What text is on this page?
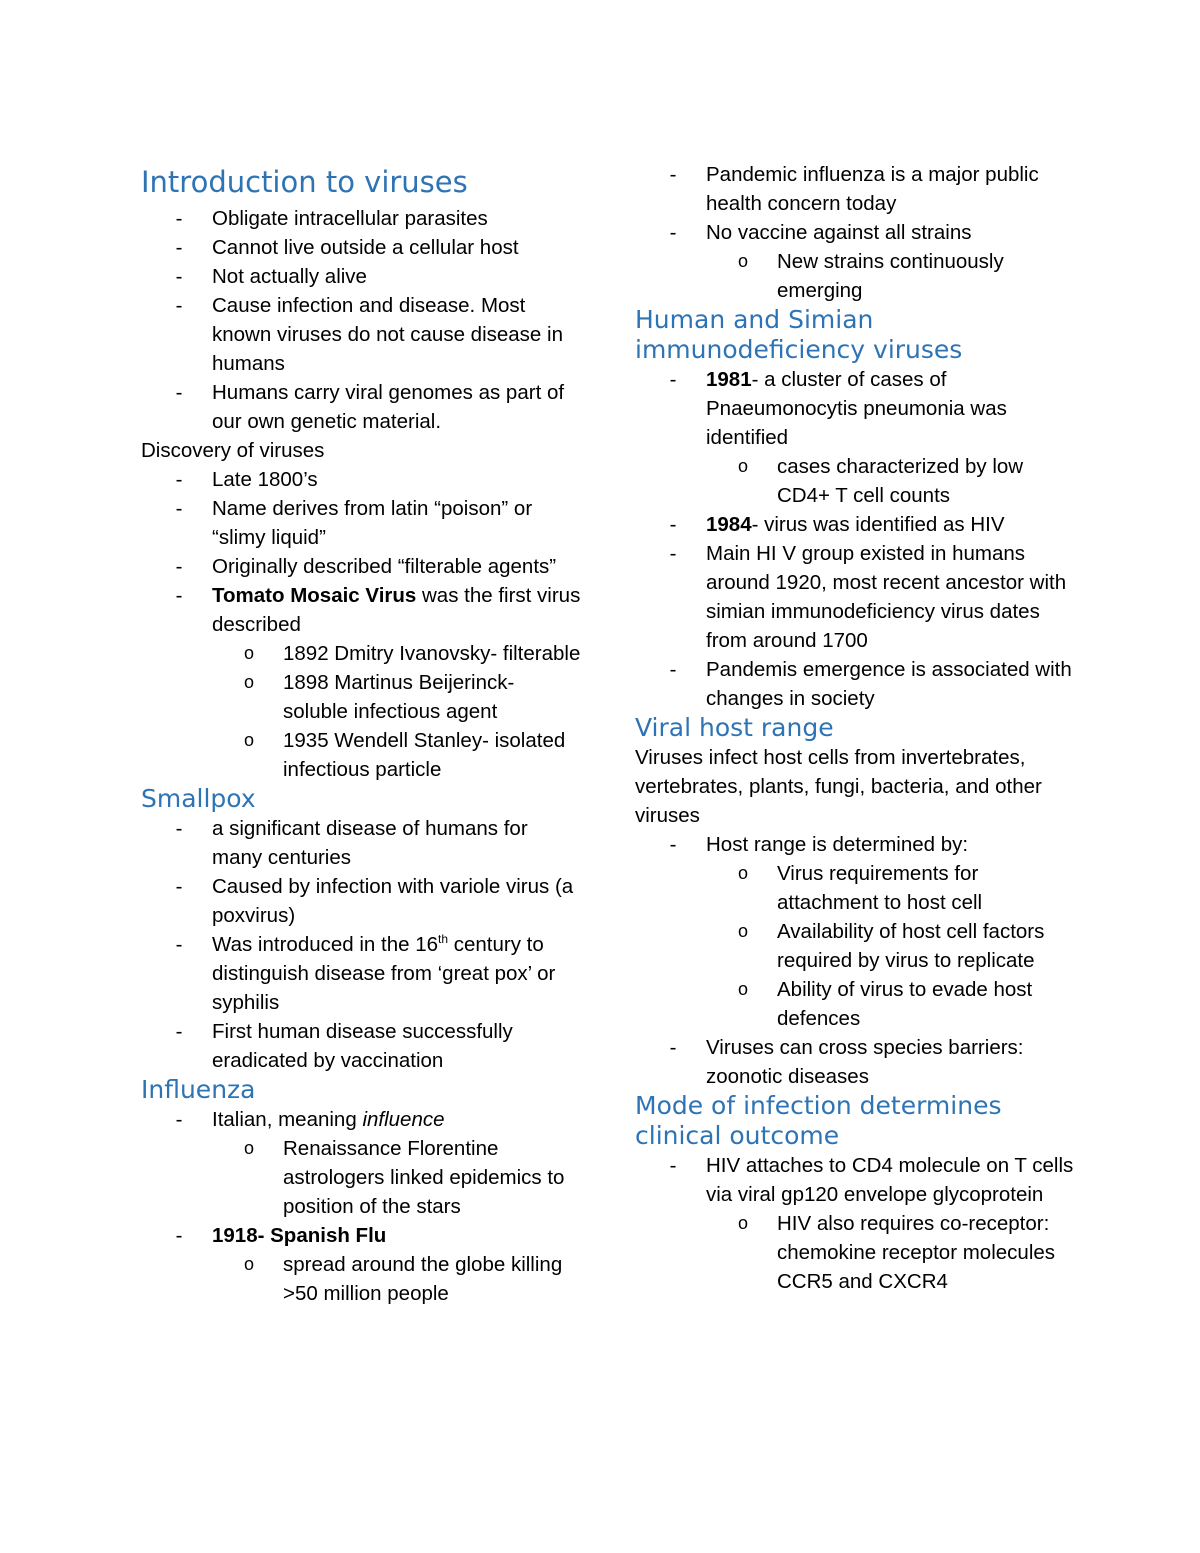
Introduction to viruses
-	Obligate intracellular parasites
-	Cannot live outside a cellular host
-	Not actually alive
-	Cause infection and disease. Most known viruses do not cause disease in humans
-	Humans carry viral genomes as part of our own genetic material.
Discovery of viruses
-	Late 1800’s
-	Name derives from latin “poison” or “slimy liquid”
-	Originally described “filterable agents”
-	Tomato Mosaic Virus was the first virus described
o 1892 Dmitry Ivanovsky- filterable
o 1898 Martinus Beijerinck- soluble infectious agent
o 1935 Wendell Stanley- isolated infectious particle
Smallpox
-	a significant disease of humans for many centuries
-	Caused by infection with variole virus (a poxvirus)
-	Was introduced in the 16th century to distinguish disease from ‘great pox’ or syphilis
-	First human disease successfully eradicated by vaccination
Influenza
-	Italian, meaning influence
o Renaissance Florentine astrologers linked epidemics to position of the stars
-	1918- Spanish Flu
o spread around the globe killing >50 million people
-	Pandemic influenza is a major public health concern today
-	No vaccine against all strains
o New strains continuously emerging
Human and Simian immunodeficiency viruses
-	1981- a cluster of cases of Pnaeumonocytis pneumonia was identified
o cases characterized by low CD4+ T cell counts
-	1984- virus was identified as HIV
-	Main HI V group existed in humans around 1920, most recent ancestor with simian immunodeficiency virus dates from around 1700
-	Pandemis emergence is associated with changes in society
Viral host range
Viruses infect host cells from invertebrates, vertebrates, plants, fungi, bacteria, and other viruses
-	Host range is determined by:
o Virus requirements for attachment to host cell
o Availability of host cell factors required by virus to replicate
o Ability of virus to evade host defences
-	Viruses can cross species barriers: zoonotic diseases
Mode of infection determines clinical outcome
-	HIV attaches to CD4 molecule on T cells via viral gp120 envelope glycoprotein
o HIV also requires co-receptor: chemokine receptor molecules CCR5 and CXCR4
